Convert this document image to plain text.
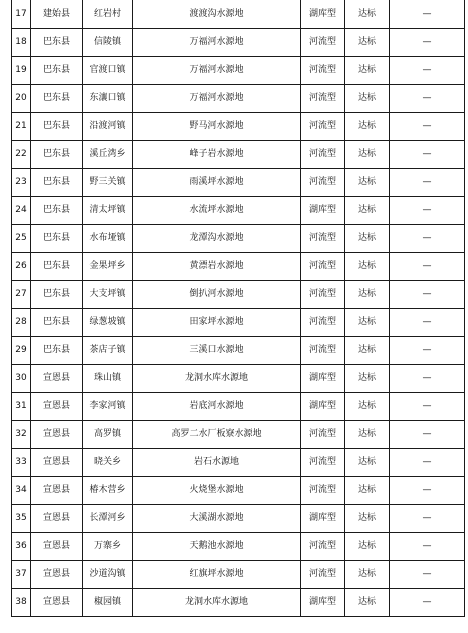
17	建始县	红岩村	渡渡沟水源地	湖库型	达标	—
18	巴东县	信陵镇	万福河水源地	河流型	达标	—
19	巴东县	官渡口镇	万福河水源地	河流型	达标	—
20	巴东县	东瀼口镇	万福河水源地	河流型	达标	—
21	巴东县	沿渡河镇	野马河水源地	河流型	达标	—
22	巴东县	溪丘湾乡	峰子岩水源地	河流型	达标	—
23	巴东县	野三关镇	雨溪坪水源地	河流型	达标	—
24	巴东县	清太坪镇	水流坪水源地	湖库型	达标	—
25	巴东县	水布垭镇	龙潭沟水源地	河流型	达标	—
26	巴东县	金果坪乡	黄漂岩水源地	河流型	达标	—
27	巴东县	大支坪镇	倒扒河水源地	河流型	达标	—
28	巴东县	绿葱坡镇	田家坪水源地	河流型	达标	—
29	巴东县	茶店子镇	三溪口水源地	河流型	达标	—
30	宣恩县	珠山镇	龙洞水库水源地	湖库型	达标	—
31	宣恩县	李家河镇	岩底河水源地	湖库型	达标	—
32	宣恩县	高罗镇	高罗二水厂板寮水源地	河流型	达标	—
33	宣恩县	晓关乡	岩石水源地	河流型	达标	—
34	宣恩县	椿木营乡	火烧堡水源地	河流型	达标	—
35	宣恩县	长潭河乡	大溪湖水源地	湖库型	达标	—
36	宣恩县	万寨乡	天鹅池水源地	河流型	达标	—
37	宣恩县	沙道沟镇	红旗坪水源地	河流型	达标	—
38	宣恩县	椒园镇	龙洞水库水源地	湖库型	达标	—
